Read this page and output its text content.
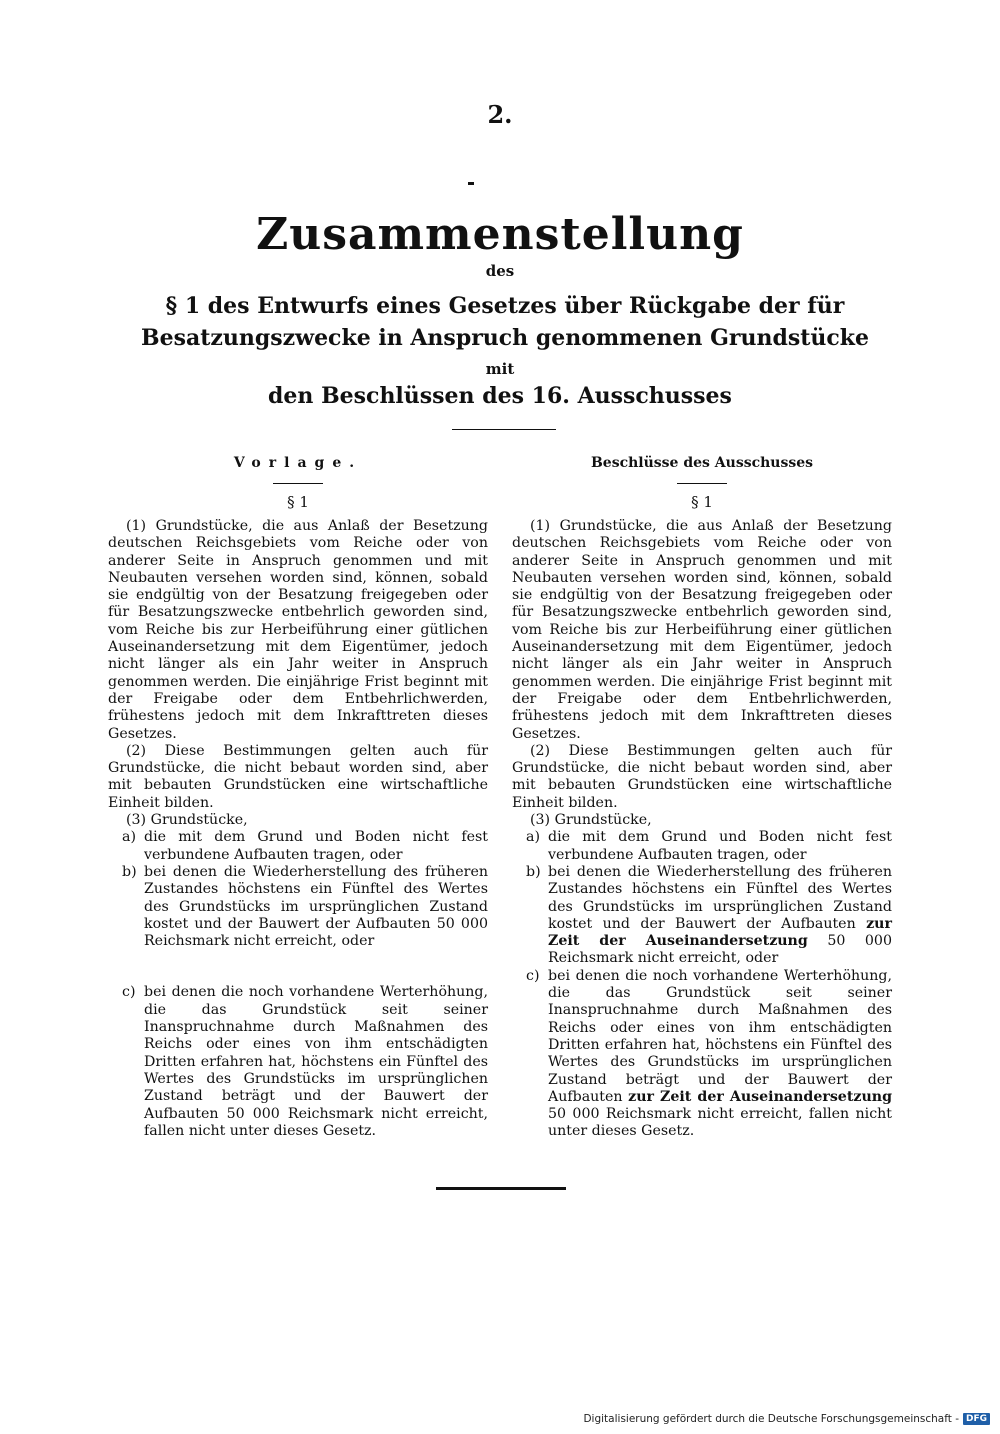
2.
Zusammenstellung
des
§ 1 des Entwurfs eines Gesetzes über Rückgabe der für Besatzungszwecke in Anspruch genommenen Grundstücke
mit
den Beschlüssen des 16. Ausschusses
Vorlage.
§ 1

(1) Grundstücke, die aus Anlaß der Besetzung deutschen Reichsgebiets vom Reiche oder von anderer Seite in Anspruch genommen und mit Neubauten versehen worden sind, können, sobald sie endgültig von der Besatzung freigegeben oder für Besatzungszwecke entbehrlich geworden sind, vom Reiche bis zur Herbeiführung einer gütlichen Auseinandersetzung mit dem Eigentümer, jedoch nicht länger als ein Jahr weiter in Anspruch genommen werden. Die einjährige Frist beginnt mit der Freigabe oder dem Entbehrlichwerden, frühestens jedoch mit dem Inkrafttreten dieses Gesetzes.

(2) Diese Bestimmungen gelten auch für Grundstücke, die nicht bebaut worden sind, aber mit bebauten Grundstücken eine wirtschaftliche Einheit bilden.

(3) Grundstücke,

a) die mit dem Grund und Boden nicht fest verbundene Aufbauten tragen, oder
b) bei denen die Wiederherstellung des früheren Zustandes höchstens ein Fünftel des Wertes des Grundstücks im ursprünglichen Zustand kostet und der Bauwert der Aufbauten 50 000 Reichsmark nicht erreicht, oder
c) bei denen die noch vorhandene Werterhöhung, die das Grundstück seit seiner Inanspruchnahme durch Maßnahmen des Reichs oder eines von ihm entschädigten Dritten erfahren hat, höchstens ein Fünftel des Wertes des Grundstücks im ursprünglichen Zustand beträgt und der Bauwert der Aufbauten 50 000 Reichsmark nicht erreicht, fallen nicht unter dieses Gesetz.
Beschlüsse des Ausschusses
§ 1

(1) Grundstücke, die aus Anlaß der Besetzung deutschen Reichsgebiets vom Reiche oder von anderer Seite in Anspruch genommen und mit Neubauten versehen worden sind, können, sobald sie endgültig von der Besatzung freigegeben oder für Besatzungszwecke entbehrlich geworden sind, vom Reiche bis zur Herbeiführung einer gütlichen Auseinandersetzung mit dem Eigentümer, jedoch nicht länger als ein Jahr weiter in Anspruch genommen werden. Die einjährige Frist beginnt mit der Freigabe oder dem Entbehrlichwerden, frühestens jedoch mit dem Inkrafttreten dieses Gesetzes.

(2) Diese Bestimmungen gelten auch für Grundstücke, die nicht bebaut worden sind, aber mit bebauten Grundstücken eine wirtschaftliche Einheit bilden.

(3) Grundstücke,

a) die mit dem Grund und Boden nicht fest verbundene Aufbauten tragen, oder
b) bei denen die Wiederherstellung des früheren Zustandes höchstens ein Fünftel des Wertes des Grundstücks im ursprünglichen Zustand kostet und der Bauwert der Aufbauten zur Zeit der Auseinandersetzung 50 000 Reichsmark nicht erreicht, oder
c) bei denen die noch vorhandene Werterhöhung, die das Grundstück seit seiner Inanspruchnahme durch Maßnahmen des Reichs oder eines von ihm entschädigten Dritten erfahren hat, höchstens ein Fünftel des Wertes des Grundstücks im ursprünglichen Zustand beträgt und der Bauwert der Aufbauten zur Zeit der Auseinandersetzung 50 000 Reichsmark nicht erreicht, fallen nicht unter dieses Gesetz.
Digitalisierung gefördert durch die Deutsche Forschungsgemeinschaft - DFG
